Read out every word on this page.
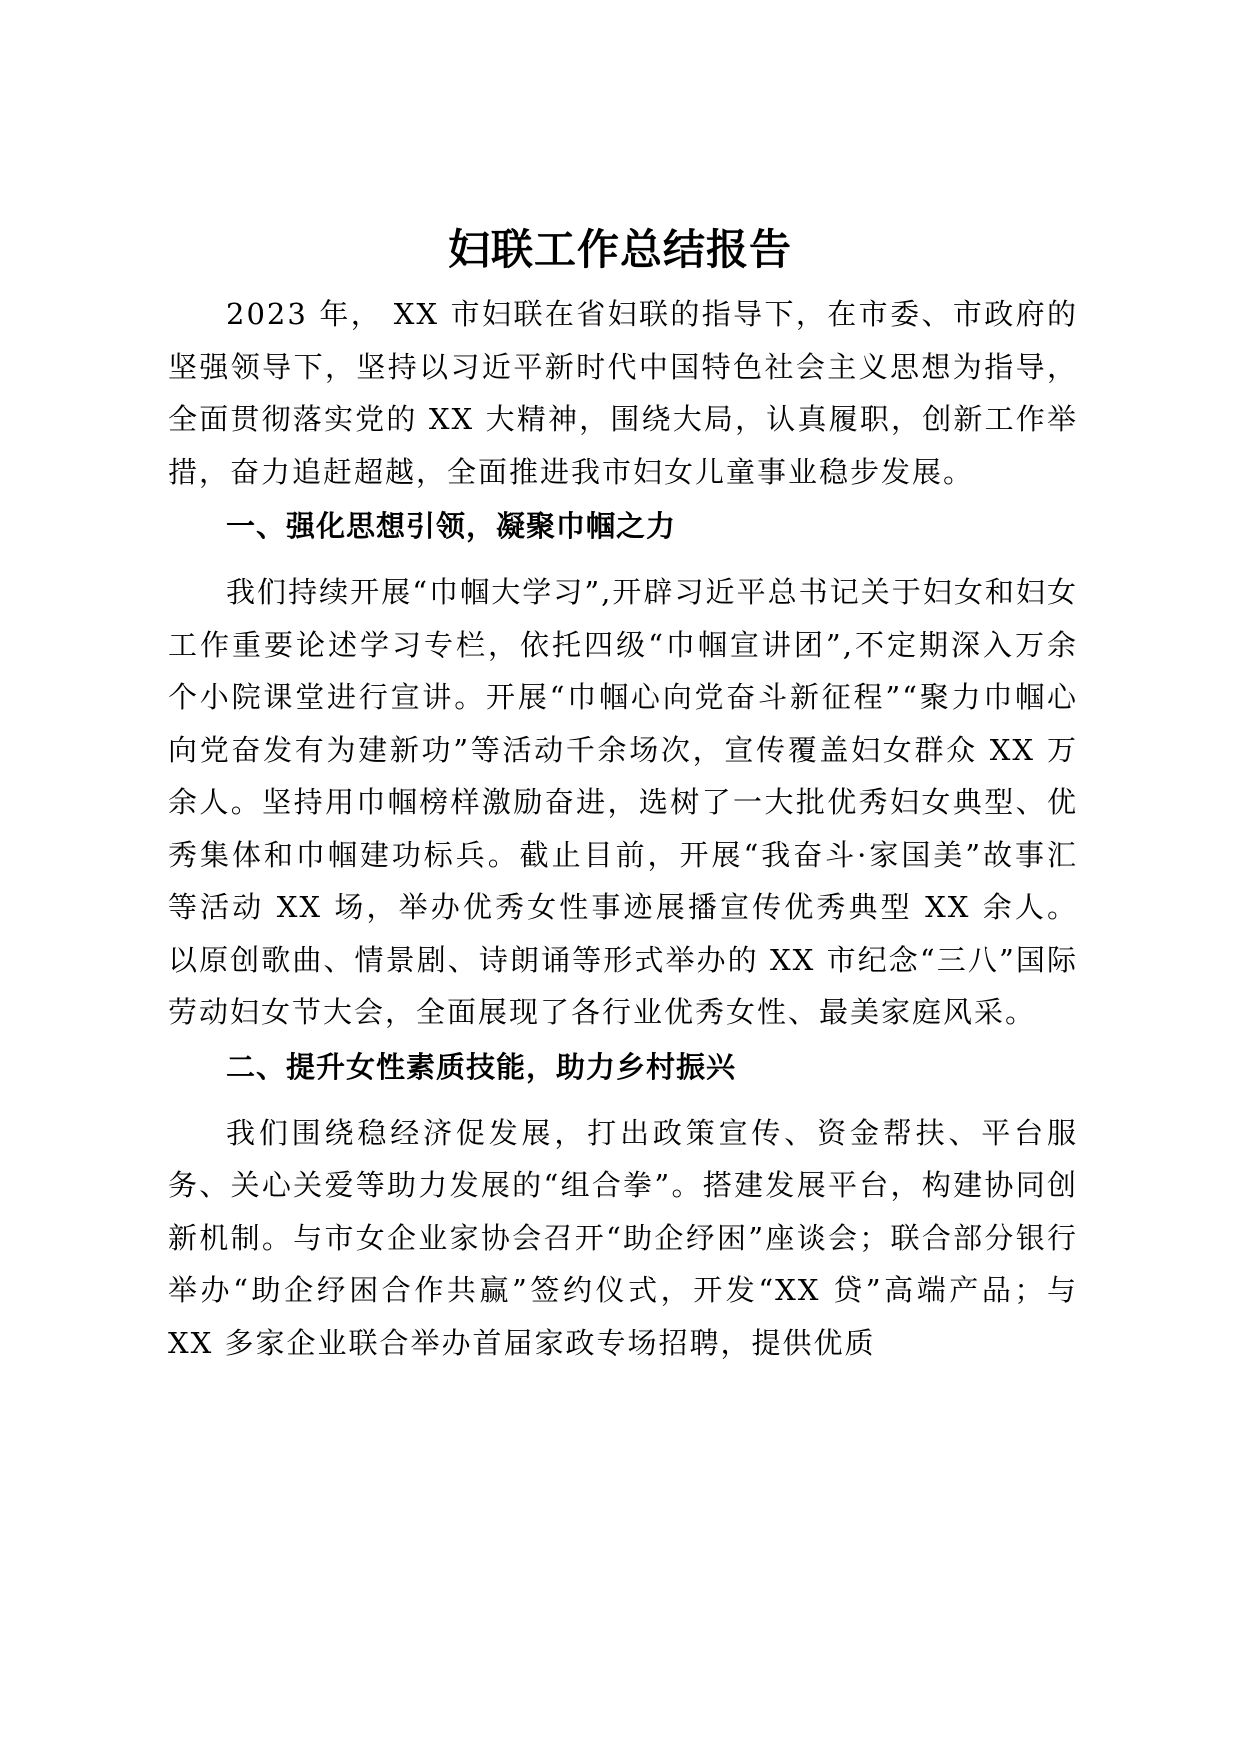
妇联工作总结报告

2023 年， XX 市妇联在省妇联的指导下，在市委、市政府的坚强领导下，坚持以习近平新时代中国特色社会主义思想为指导，全面贯彻落实党的 XX 大精神，围绕大局，认真履职，创新工作举措，奋力追赶超越，全面推进我市妇女儿童事业稳步发展。

一、强化思想引领，凝聚巾帼之力

我们持续开展“巾帼大学习”,开辟习近平总书记关于妇女和妇女工作重要论述学习专栏，依托四级“巾帼宣讲团”,不定期深入万余个小院课堂进行宣讲。开展“巾帼心向党奋斗新征程”“聚力巾帼心向党奋发有为建新功”等活动千余场次，宣传覆盖妇女群众 XX 万余人。坚持用巾帼榜样激励奋进，选树了一大批优秀妇女典型、优秀集体和巾帼建功标兵。截止目前，开展“我奋斗·家国美”故事汇等活动 XX 场，举办优秀女性事迹展播宣传优秀典型 XX 余人。以原创歌曲、情景剧、诗朗诵等形式举办的 XX 市纪念“三八”国际劳动妇女节大会，全面展现了各行业优秀女性、最美家庭风采。

二、提升女性素质技能，助力乡村振兴

我们围绕稳经济促发展，打出政策宣传、资金帮扶、平台服务、关心关爱等助力发展的“组合拳”。搭建发展平台，构建协同创新机制。与市女企业家协会召开“助企纾困”座谈会；联合部分银行举办“助企纾困合作共赢”签约仪式，开发“XX 贷”高端产品；与 XX 多家企业联合举办首届家政专场招聘，提供优质
